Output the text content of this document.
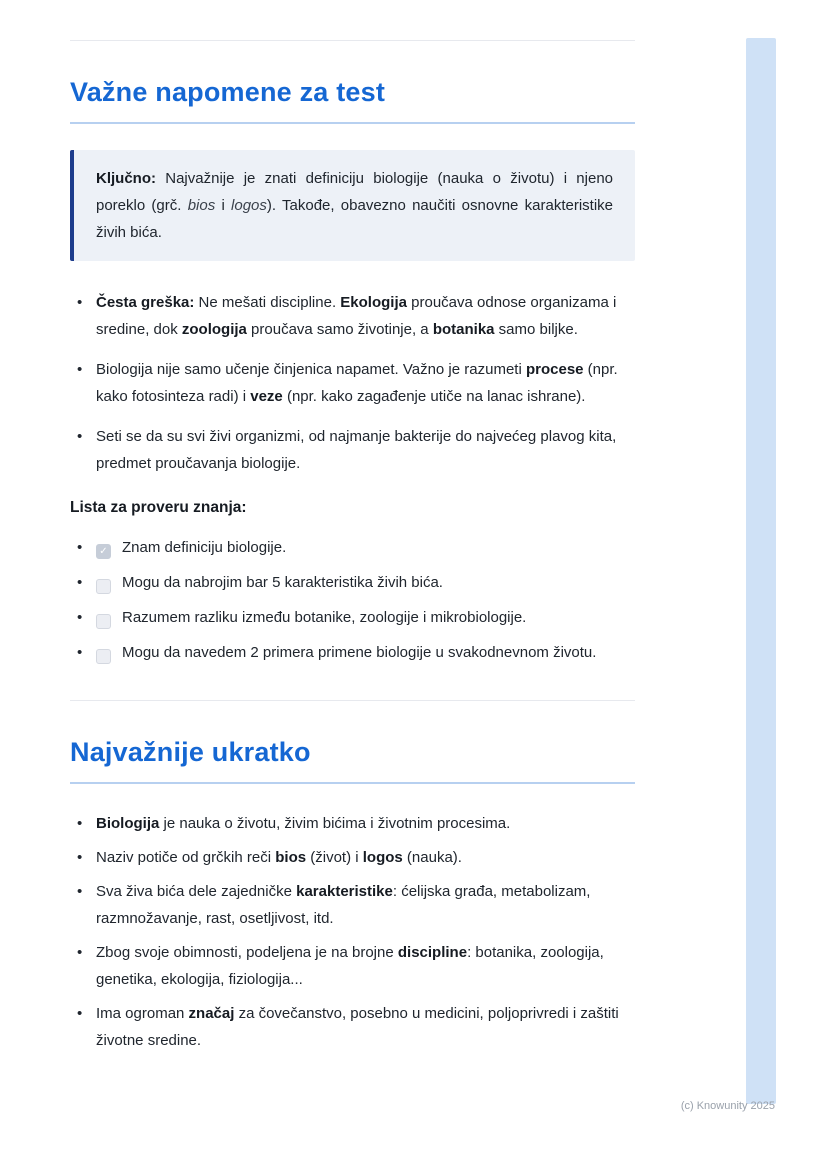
Važne napomene za test

Ključno: Najvažnije je znati definiciju biologije (nauka o životu) i njeno poreklo (grč. bios i logos). Takođe, obavezno naučiti osnovne karakteristike živih bića.

• Česta greška: Ne mešati discipline. Ekologija proučava odnose organizama i sredine, dok zoologija proučava samo životinje, a botanika samo biljke.
• Biologija nije samo učenje činjenica napamet. Važno je razumeti procese (npr. kako fotosinteza radi) i veze (npr. kako zagađenje utiče na lanac ishrane).
• Seti se da su svi živi organizmi, od najmanje bakterije do najvećeg plavog kita, predmet proučavanja biologije.

Lista za proveru znanja:

• ✓ Znam definiciju biologije.
• Mogu da nabrojim bar 5 karakteristika živih bića.
• Razumem razliku između botanike, zoologije i mikrobiologije.
• Mogu da navedem 2 primera primene biologije u svakodnevnom životu.
Najvažnije ukratko
• Biologija je nauka o životu, živim bićima i životnim procesima.
• Naziv potiče od grčkih reči bios (život) i logos (nauka).
• Sva živa bića dele zajedničke karakteristike: ćelijska građa, metabolizam, razmnožavanje, rast, osetljivost, itd.
• Zbog svoje obimnosti, podeljena je na brojne discipline: botanika, zoologija, genetika, ekologija, fiziologija...
• Ima ogroman značaj za čovečanstvo, posebno u medicini, poljoprivredi i zaštiti životne sredine.
(c) Knowunity 2025
